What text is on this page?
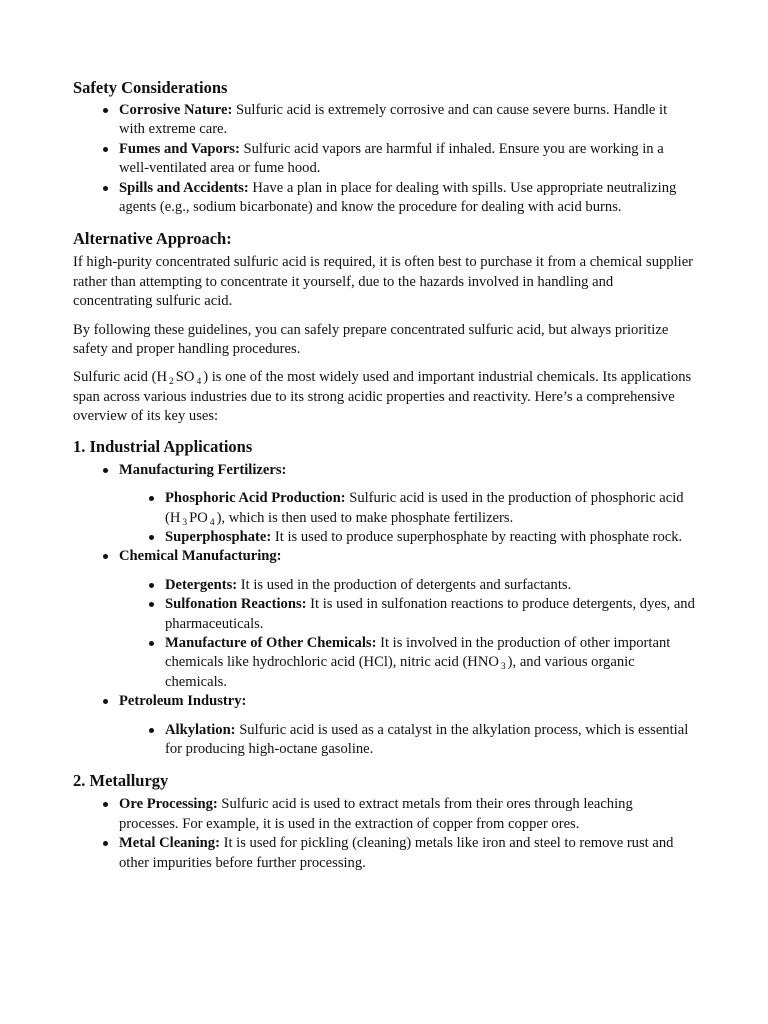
Safety Considerations
Corrosive Nature: Sulfuric acid is extremely corrosive and can cause severe burns. Handle it with extreme care.
Fumes and Vapors: Sulfuric acid vapors are harmful if inhaled. Ensure you are working in a well-ventilated area or fume hood.
Spills and Accidents: Have a plan in place for dealing with spills. Use appropriate neutralizing agents (e.g., sodium bicarbonate) and know the procedure for dealing with acid burns.
Alternative Approach:

If high-purity concentrated sulfuric acid is required, it is often best to purchase it from a chemical supplier rather than attempting to concentrate it yourself, due to the hazards involved in handling and concentrating sulfuric acid.

By following these guidelines, you can safely prepare concentrated sulfuric acid, but always prioritize safety and proper handling procedures.

Sulfuric acid (H $_2$ SO $_4$ ) is one of the most widely used and important industrial chemicals. Its applications span across various industries due to its strong acidic properties and reactivity. Here’s a comprehensive overview of its key uses:

1. Industrial Applications
Manufacturing Fertilizers:
Phosphoric Acid Production: Sulfuric acid is used in the production of phosphoric acid (H $_3$ PO $_4$ ), which is then used to make phosphate fertilizers.
Superphosphate: It is used to produce superphosphate by reacting with phosphate rock.
Chemical Manufacturing:
Detergents: It is used in the production of detergents and surfactants.
Sulfonation Reactions: It is used in sulfonation reactions to produce detergents, dyes, and pharmaceuticals.
Manufacture of Other Chemicals: It is involved in the production of other important chemicals like hydrochloric acid (HCl), nitric acid (HNO $_3$ ), and various organic chemicals.
Petroleum Industry:
Alkylation: Sulfuric acid is used as a catalyst in the alkylation process, which is essential for producing high-octane gasoline.
2. Metallurgy
Ore Processing: Sulfuric acid is used to extract metals from their ores through leaching processes. For example, it is used in the extraction of copper from copper ores.
Metal Cleaning: It is used for pickling (cleaning) metals like iron and steel to remove rust and other impurities before further processing.
